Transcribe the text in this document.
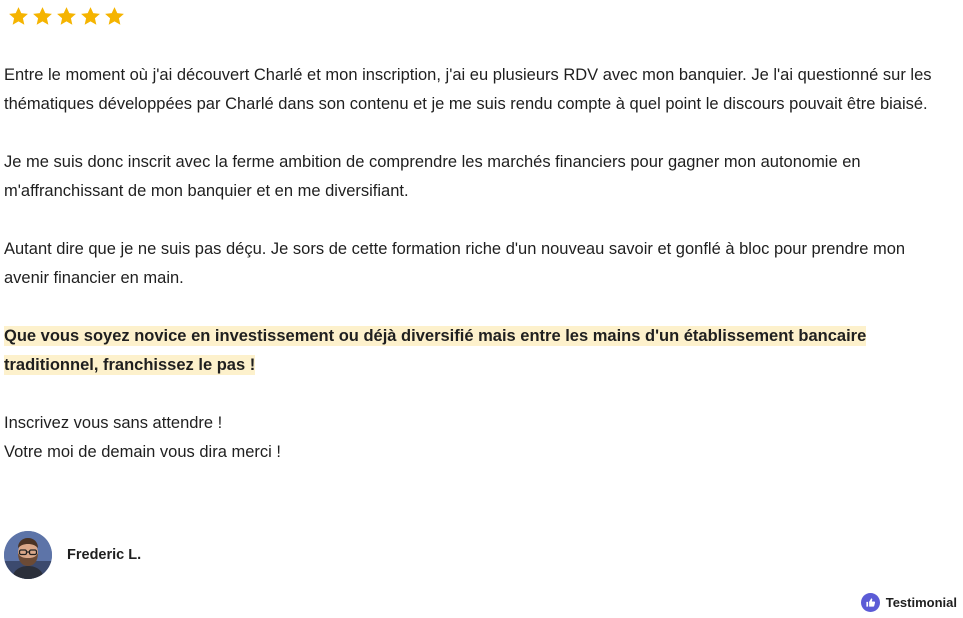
Entre le moment où j'ai découvert Charlé et mon inscription, j'ai eu plusieurs RDV avec mon banquier. Je l'ai questionné sur les thématiques développées par Charlé dans son contenu et je me suis rendu compte à quel point le discours pouvait être biaisé.

Je me suis donc inscrit avec la ferme ambition de comprendre les marchés financiers pour gagner mon autonomie en m'affranchissant de mon banquier et en me diversifiant.

Autant dire que je ne suis pas déçu. Je sors de cette formation riche d'un nouveau savoir et gonflé à bloc pour prendre mon avenir financier en main.

Que vous soyez novice en investissement ou déjà diversifié mais entre les mains d'un établissement bancaire traditionnel, franchissez le pas !

Inscrivez vous sans attendre !

Votre moi de demain vous dira merci !

Frederic L.
Testimonial
